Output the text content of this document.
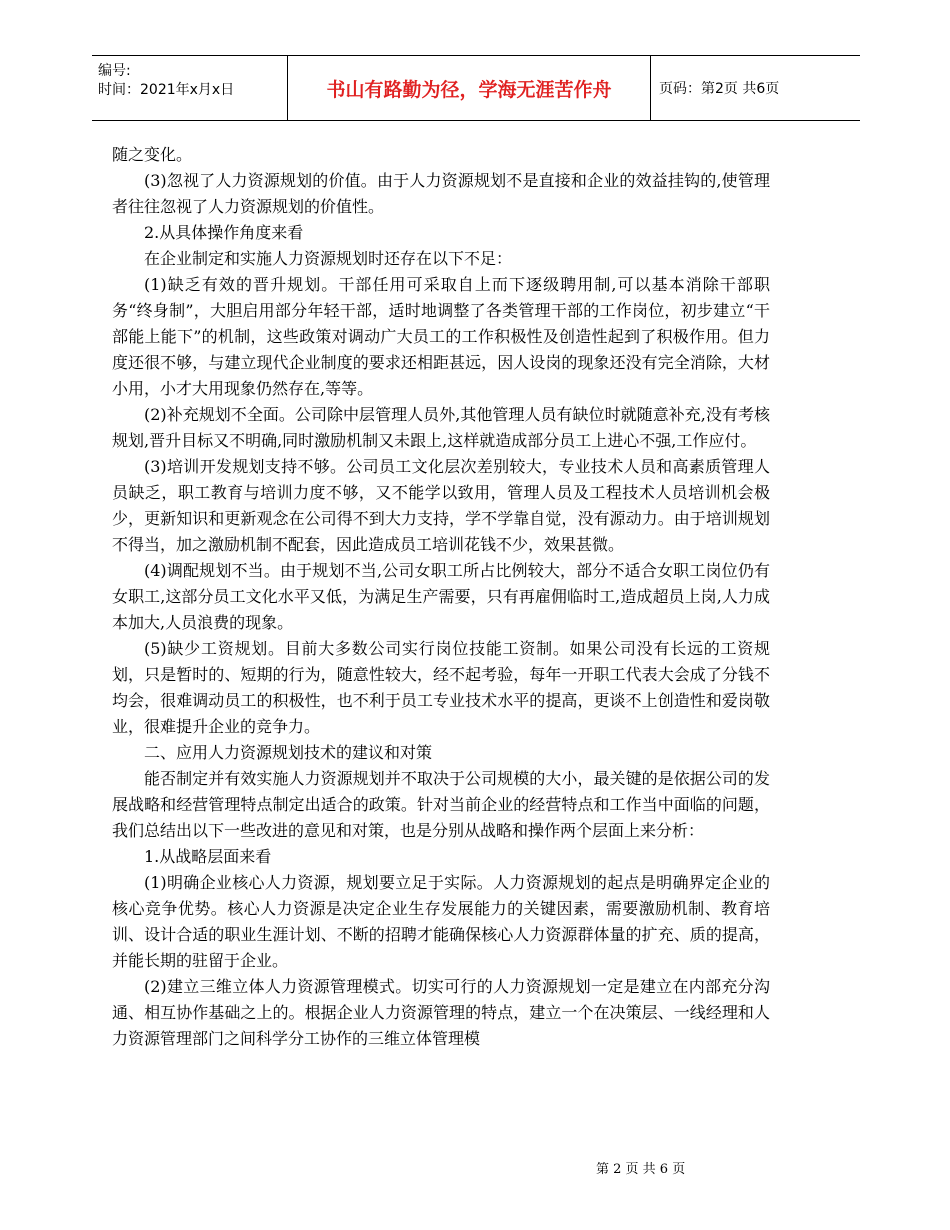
编号:
时间：2021年x月x日	书山有路勤为径，学海无涯苦作舟	页码：第2页 共6页

随之变化。

(3)忽视了人力资源规划的价值。由于人力资源规划不是直接和企业的效益挂钩的,使管理者往往忽视了人力资源规划的价值性。

2.从具体操作角度来看

在企业制定和实施人力资源规划时还存在以下不足：

(1)缺乏有效的晋升规划。干部任用可采取自上而下逐级聘用制,可以基本消除干部职务“终身制”，大胆启用部分年轻干部，适时地调整了各类管理干部的工作岗位，初步建立“干部能上能下”的机制，这些政策对调动广大员工的工作积极性及创造性起到了积极作用。但力度还很不够，与建立现代企业制度的要求还相距甚远，因人设岗的现象还没有完全消除，大材小用，小才大用现象仍然存在,等等。

(2)补充规划不全面。公司除中层管理人员外,其他管理人员有缺位时就随意补充,没有考核规划,晋升目标又不明确,同时激励机制又未跟上,这样就造成部分员工上进心不强,工作应付。

(3)培训开发规划支持不够。公司员工文化层次差别较大，专业技术人员和高素质管理人员缺乏，职工教育与培训力度不够，又不能学以致用，管理人员及工程技术人员培训机会极少，更新知识和更新观念在公司得不到大力支持，学不学靠自觉，没有源动力。由于培训规划不得当，加之激励机制不配套，因此造成员工培训花钱不少，效果甚微。

(4)调配规划不当。由于规划不当,公司女职工所占比例较大，部分不适合女职工岗位仍有女职工,这部分员工文化水平又低，为满足生产需要，只有再雇佣临时工,造成超员上岗,人力成本加大,人员浪费的现象。

(5)缺少工资规划。目前大多数公司实行岗位技能工资制。如果公司没有长远的工资规划，只是暂时的、短期的行为，随意性较大，经不起考验，每年一开职工代表大会成了分钱不均会，很难调动员工的积极性，也不利于员工专业技术水平的提高，更谈不上创造性和爱岗敬业，很难提升企业的竞争力。

二、应用人力资源规划技术的建议和对策

能否制定并有效实施人力资源规划并不取决于公司规模的大小，最关键的是依据公司的发展战略和经营管理特点制定出适合的政策。针对当前企业的经营特点和工作当中面临的问题，我们总结出以下一些改进的意见和对策，也是分别从战略和操作两个层面上来分析：

1.从战略层面来看

(1)明确企业核心人力资源，规划要立足于实际。人力资源规划的起点是明确界定企业的核心竞争优势。核心人力资源是决定企业生存发展能力的关键因素，需要激励机制、教育培训、设计合适的职业生涯计划、不断的招聘才能确保核心人力资源群体量的扩充、质的提高，并能长期的驻留于企业。

(2)建立三维立体人力资源管理模式。切实可行的人力资源规划一定是建立在内部充分沟通、相互协作基础之上的。根据企业人力资源管理的特点，建立一个在决策层、一线经理和人力资源管理部门之间科学分工协作的三维立体管理模

第 2 页 共 6 页
